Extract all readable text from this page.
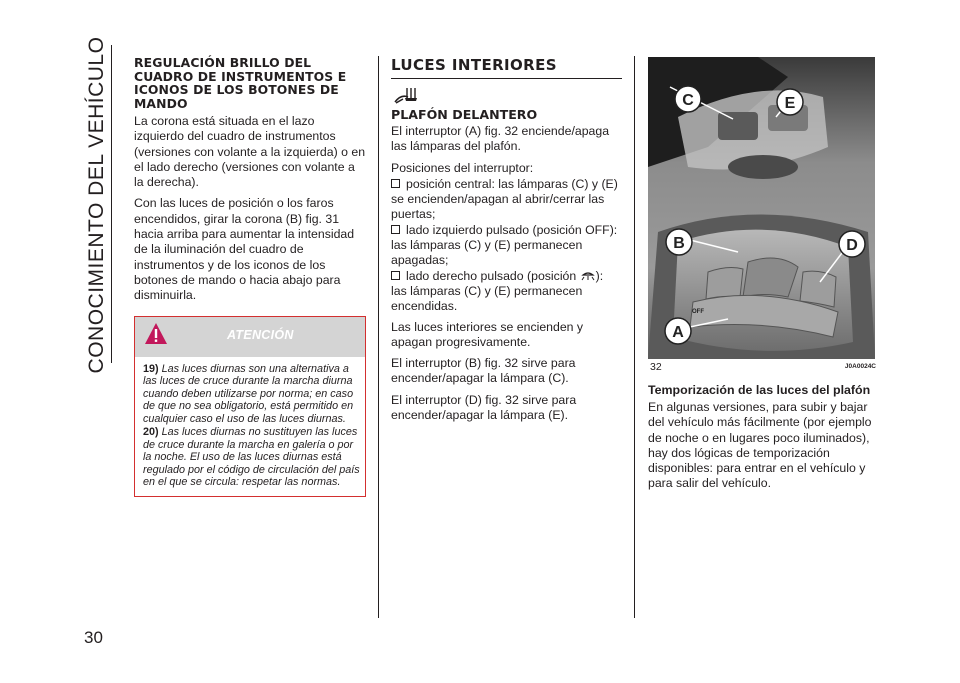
CONOCIMIENTO DEL VEHÍCULO
30
REGULACIÓN BRILLO DEL CUADRO DE INSTRUMENTOS E ICONOS DE LOS BOTONES DE MANDO

La corona está situada en el lazo izquierdo del cuadro de instrumentos (versiones con volante a la izquierda) o en el lado derecho (versiones con volante a la derecha).

Con las luces de posición o los faros encendidos, girar la corona (B) fig. 31 hacia arriba para aumentar la intensidad de la iluminación del cuadro de instrumentos y de los iconos de los botones de mando o hacia abajo para disminuirla.

ATENCIÓN

19) Las luces diurnas son una alternativa a las luces de cruce durante la marcha diurna cuando deben utilizarse por norma; en caso de que no sea obligatorio, está permitido en cualquier caso el uso de las luces diurnas.

20) Las luces diurnas no sustituyen las luces de cruce durante la marcha en galería o por la noche. El uso de las luces diurnas está regulado por el código de circulación del país en el que se circula: respetar las normas.

LUCES INTERIORES
PLAFÓN DELANTERO

El interruptor (A) fig. 32 enciende/apaga las lámparas del plafón.

Posiciones del interruptor:

posición central: las lámparas (C) y (E) se encienden/apagan al abrir/cerrar las puertas;
lado izquierdo pulsado (posición OFF): las lámparas (C) y (E) permanecen apagadas;
lado derecho pulsado (posición ): las lámparas (C) y (E) permanecen encendidas.

Las luces interiores se encienden y apagan progresivamente.

El interruptor (B) fig. 32 sirve para encender/apagar la lámpara (C).

El interruptor (D) fig. 32 sirve para encender/apagar la lámpara (E).

OFF
C	E
B	D
A
32	J0A0024C
Temporización de las luces del plafón

En algunas versiones, para subir y bajar del vehículo más fácilmente (por ejemplo de noche o en lugares poco iluminados), hay dos lógicas de temporización disponibles: para entrar en el vehículo y para salir del vehículo.
